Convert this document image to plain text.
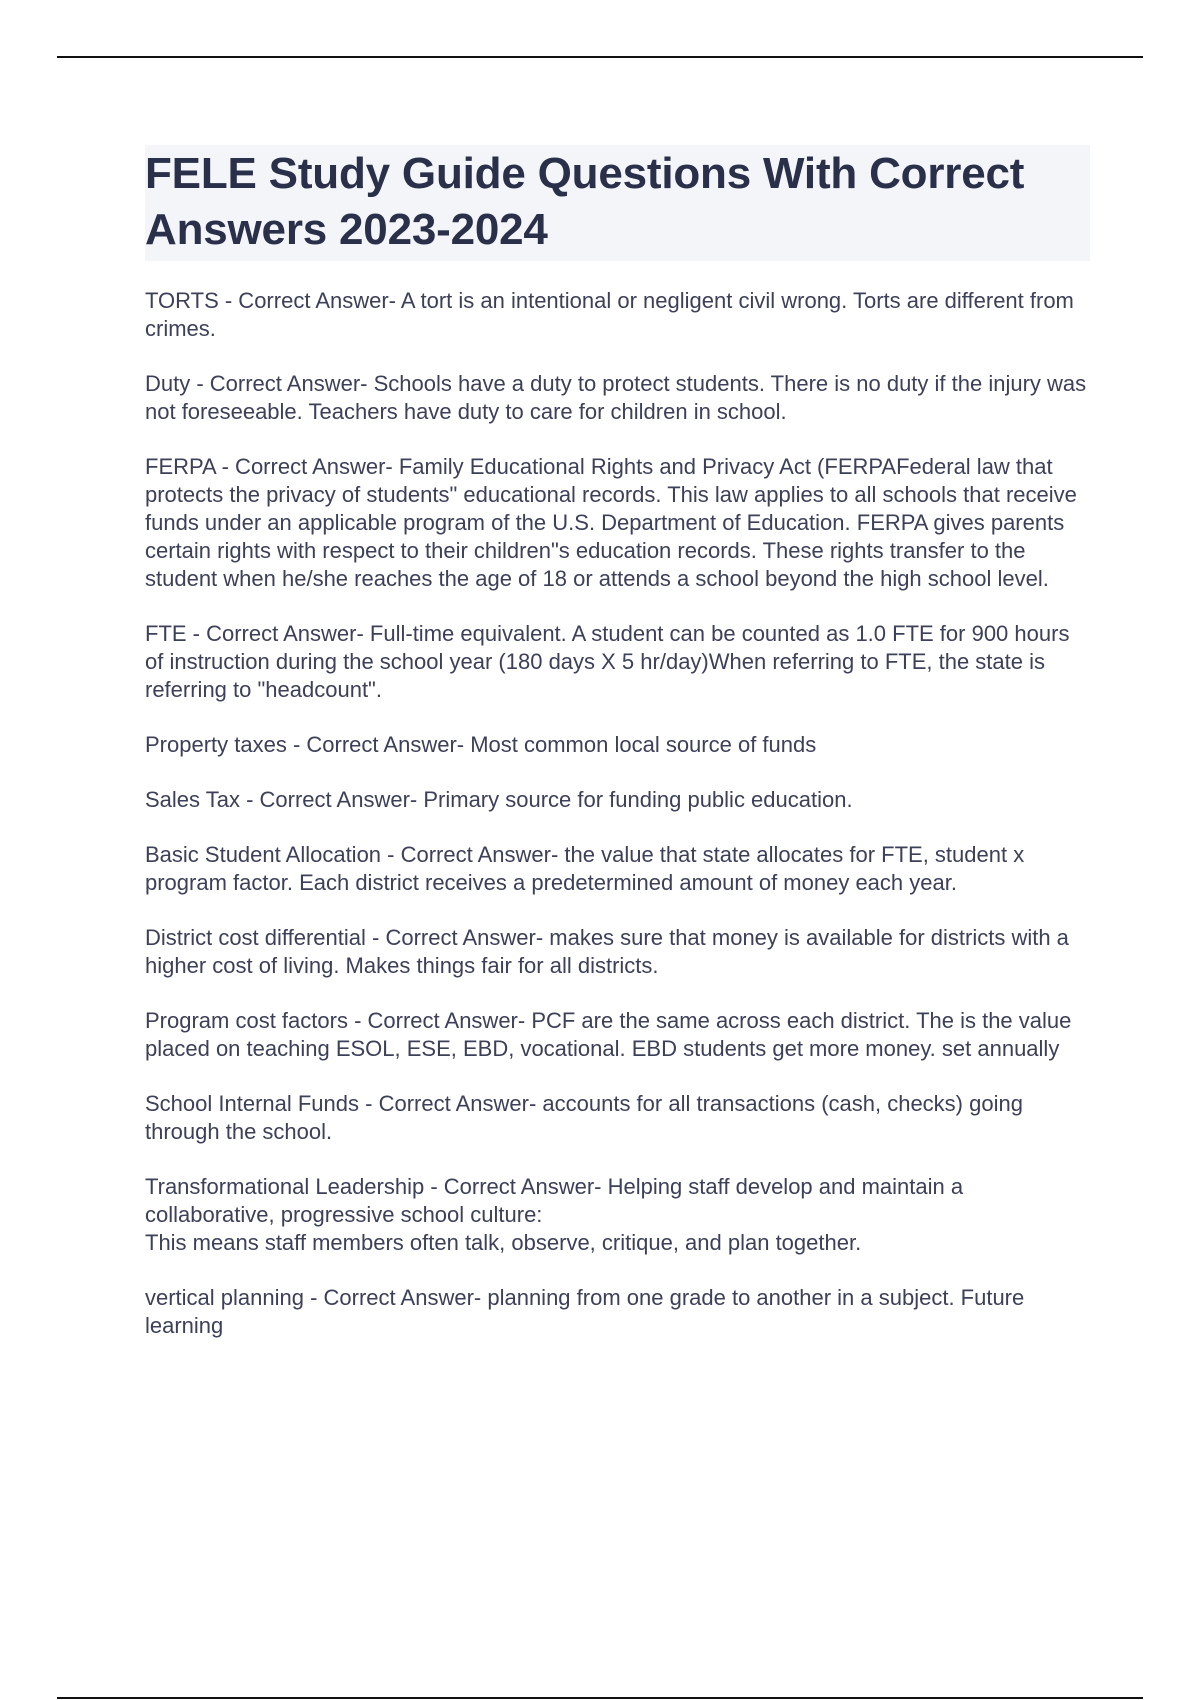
FELE Study Guide Questions With Correct Answers 2023-2024

TORTS - Correct Answer- A tort is an intentional or negligent civil wrong. Torts are different from crimes.

Duty - Correct Answer- Schools have a duty to protect students. There is no duty if the injury was not foreseeable. Teachers have duty to care for children in school.

FERPA - Correct Answer- Family Educational Rights and Privacy Act (FERPAFederal law that protects the privacy of students" educational records. This law applies to all schools that receive funds under an applicable program of the U.S. Department of Education. FERPA gives parents certain rights with respect to their children"s education records. These rights transfer to the student when he/she reaches the age of 18 or attends a school beyond the high school level.

FTE - Correct Answer- Full-time equivalent. A student can be counted as 1.0 FTE for 900 hours of instruction during the school year (180 days X 5 hr/day)When referring to FTE, the state is referring to "headcount".

Property taxes - Correct Answer- Most common local source of funds

Sales Tax - Correct Answer- Primary source for funding public education.

Basic Student Allocation - Correct Answer- the value that state allocates for FTE, student x program factor. Each district receives a predetermined amount of money each year.

District cost differential - Correct Answer- makes sure that money is available for districts with a higher cost of living. Makes things fair for all districts.

Program cost factors - Correct Answer- PCF are the same across each district. The is the value placed on teaching ESOL, ESE, EBD, vocational. EBD students get more money. set annually

School Internal Funds - Correct Answer- accounts for all transactions (cash, checks) going through the school.

Transformational Leadership - Correct Answer- Helping staff develop and maintain a collaborative, progressive school culture:
This means staff members often talk, observe, critique, and plan together.

vertical planning - Correct Answer- planning from one grade to another in a subject. Future learning
